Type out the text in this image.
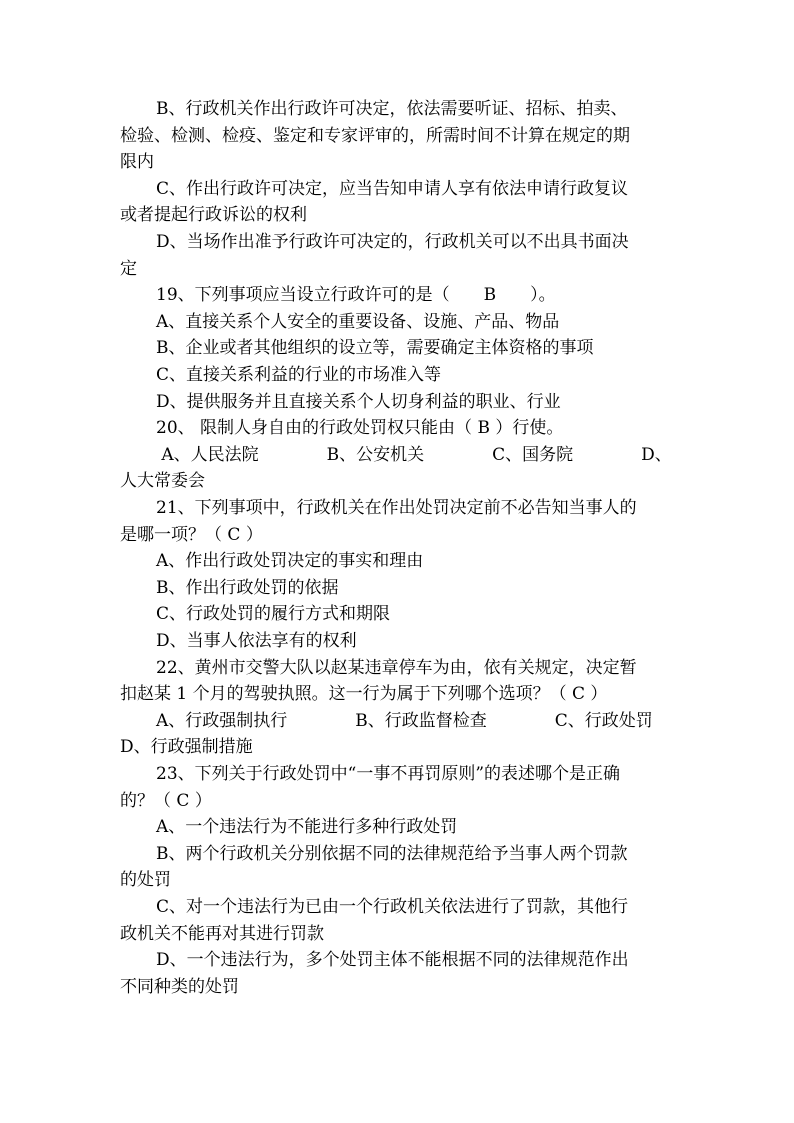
B、行政机关作出行政许可决定，依法需要听证、招标、拍卖、
检验、检测、检疫、鉴定和专家评审的，所需时间不计算在规定的期
限内
C、作出行政许可决定，应当告知申请人享有依法申请行政复议
或者提起行政诉讼的权利
D、当场作出准予行政许可决定的，行政机关可以不出具书面决
定
19、下列事项应当设立行政许可的是（　　B　　）。
A、直接关系个人安全的重要设备、设施、产品、物品
B、企业或者其他组织的设立等，需要确定主体资格的事项
C、直接关系利益的行业的市场准入等
D、提供服务并且直接关系个人切身利益的职业、行业
20、 限制人身自由的行政处罚权只能由（ B ）行使。
A、人民法院　　　　B、公安机关　　　　C、国务院　　　　D、
人大常委会
21、下列事项中，行政机关在作出处罚决定前不必告知当事人的
是哪一项？（ C ）
A、作出行政处罚决定的事实和理由
B、作出行政处罚的依据
C、行政处罚的履行方式和期限
D、当事人依法享有的权利
22、黄州市交警大队以赵某违章停车为由，依有关规定，决定暂
扣赵某 1 个月的驾驶执照。这一行为属于下列哪个选项？（ C ）
A、行政强制执行　　　　B、行政监督检查　　　　C、行政处罚
D、行政强制措施
23、下列关于行政处罚中“一事不再罚原则”的表述哪个是正确
的？（ C ）
A、一个违法行为不能进行多种行政处罚
B、两个行政机关分别依据不同的法律规范给予当事人两个罚款
的处罚
C、对一个违法行为已由一个行政机关依法进行了罚款，其他行
政机关不能再对其进行罚款
D、一个违法行为，多个处罚主体不能根据不同的法律规范作出
不同种类的处罚
